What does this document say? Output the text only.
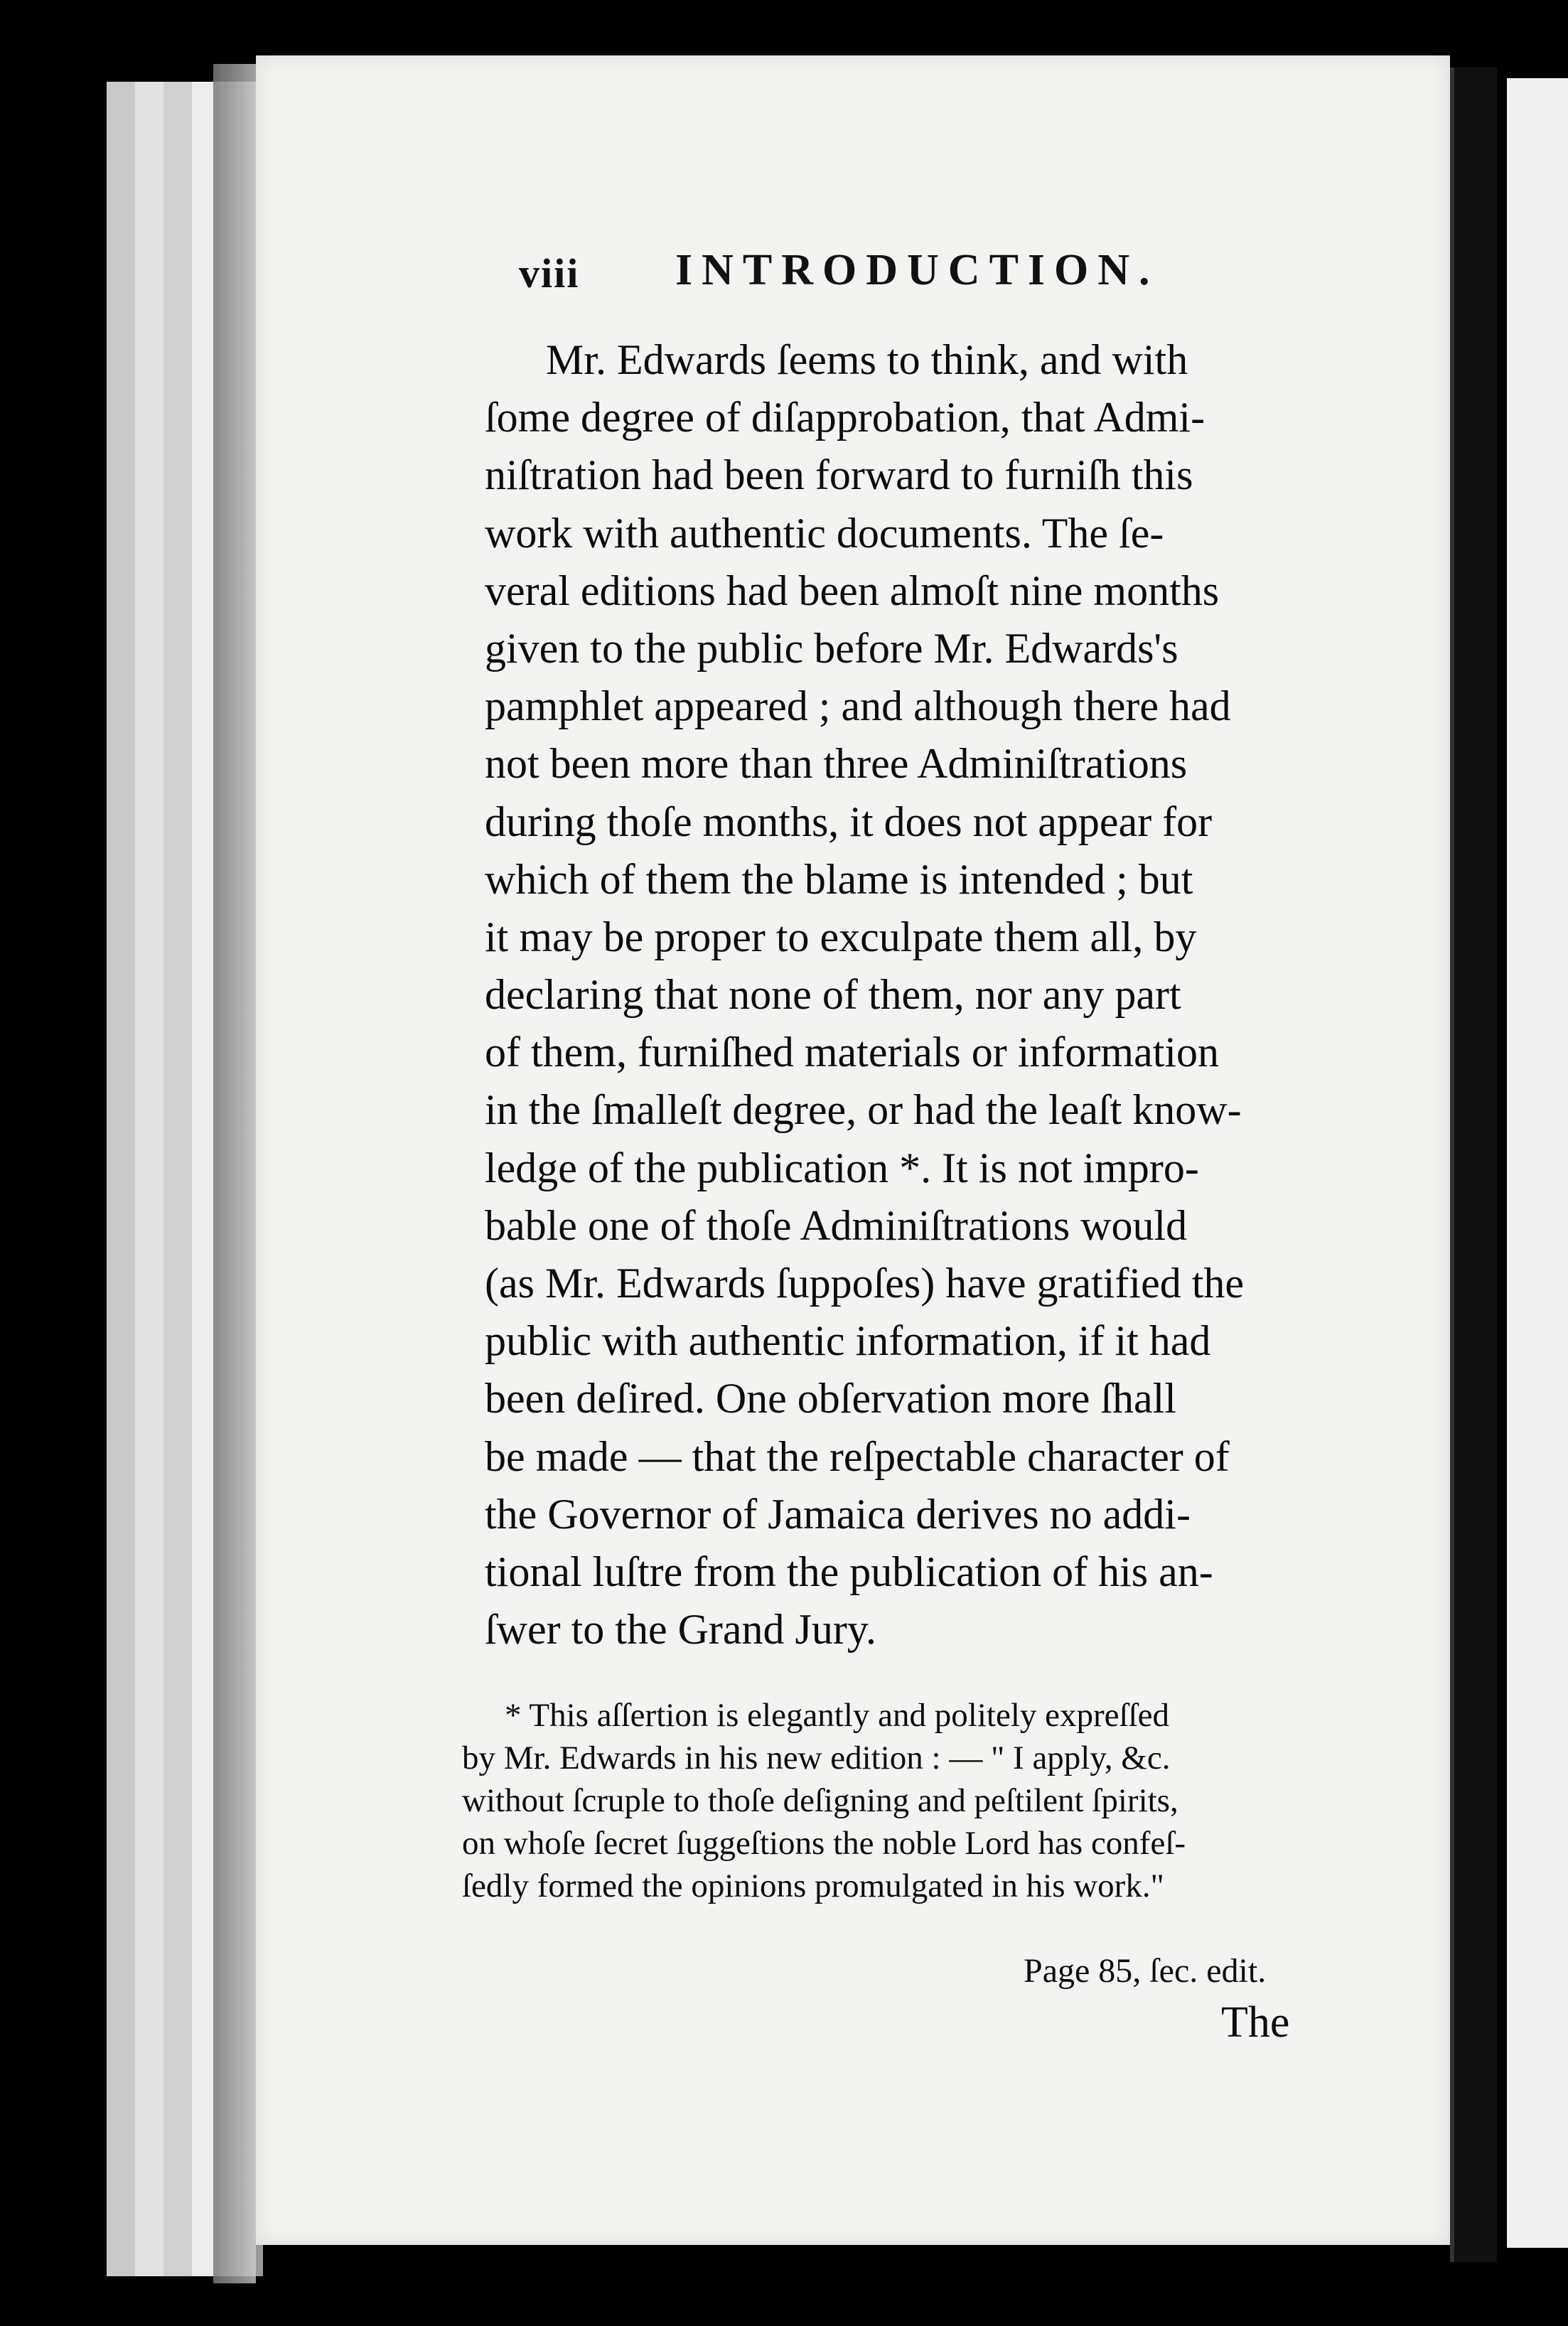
viii INTRODUCTION.
Mr. Edwards ſeems to think, and with
ſome degree of diſapprobation, that Admi-
niſtration had been forward to furniſh this
work with authentic documents. The ſe-
veral editions had been almoſt nine months
given to the public before Mr. Edwards's
pamphlet appeared ; and although there had
not been more than three Adminiſtrations
during thoſe months, it does not appear for
which of them the blame is intended ; but
it may be proper to exculpate them all, by
declaring that none of them, nor any part
of them, furniſhed materials or information
in the ſmalleſt degree, or had the leaſt know-
ledge of the publication *. It is not impro-
bable one of thoſe Adminiſtrations would
(as Mr. Edwards ſuppoſes) have gratified the
public with authentic information, if it had
been deſired. One obſervation more ſhall
be made — that the reſpectable character of
the Governor of Jamaica derives no addi-
tional luſtre from the publication of his an-
ſwer to the Grand Jury.
* This aſſertion is elegantly and politely expreſſed
by Mr. Edwards in his new edition : — " I apply, &c.
without ſcruple to thoſe deſigning and peſtilent ſpirits,
on whoſe ſecret ſuggeſtions the noble Lord has confeſ-
ſedly formed the opinions promulgated in his work."
Page 85, ſec. edit.
The
